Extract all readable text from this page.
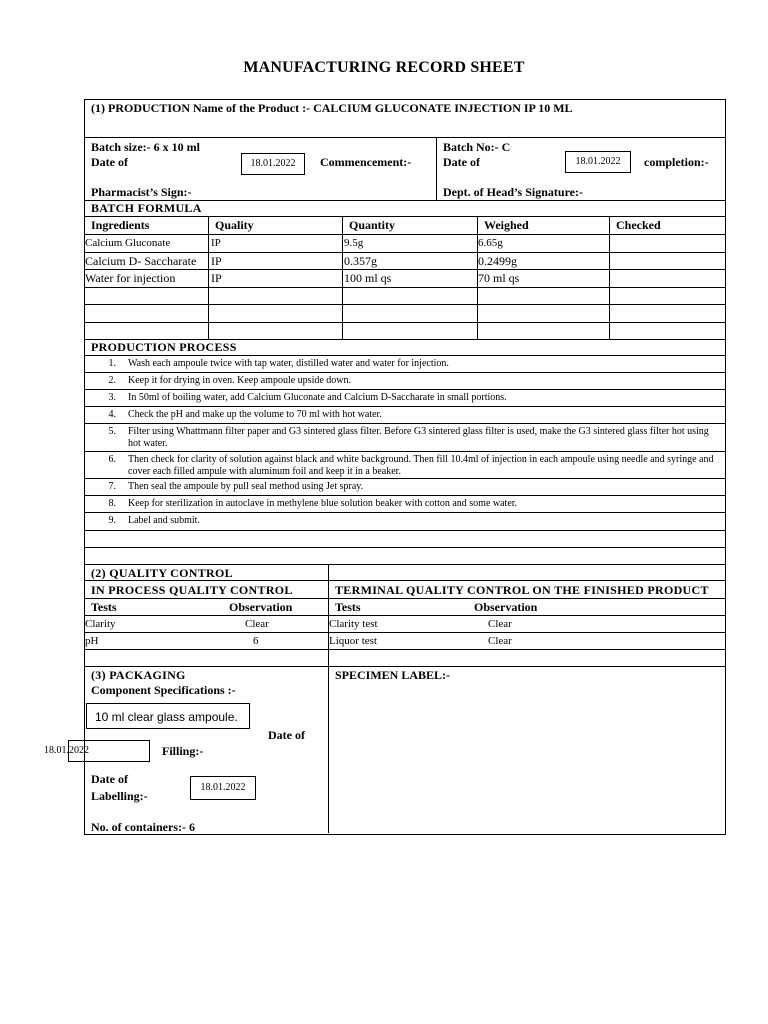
MANUFACTURING RECORD SHEET
(1) PRODUCTION Name of the Product :- CALCIUM GLUCONATE INJECTION IP 10 ML
Batch size:- 6 x 10 ml
Date of	18.01.2022	Commencement:-
Pharmacist’s Sign:-
Batch No:- C
Date of	18.01.2022	completion:-
Dept. of Head’s Signature:-
BATCH FORMULA
Ingredients	Quality	Quantity	Weighed	Checked
Calcium Gluconate	IP	9.5g	6.65g
Calcium D- Saccharate IP	0.357g	0.2499g
Water for injection	IP	100 ml qs	70 ml qs
PRODUCTION PROCESS
1. Wash each ampoule twice with tap water, distilled water and water for injection.
2. Keep it for drying in oven. Keep ampoule upside down.
3. In 50ml of boiling water, add Calcium Gluconate and Calcium D-Saccharate in small portions.
4. Check the pH and make up the volume to 70 ml with hot water.
5. Filter using Whattmann filter paper and G3 sintered glass filter. Before G3 sintered glass filter is used, make the G3 sintered glass filter hot using hot water.
6. Then check for clarity of solution against black and white background. Then fill 10.4ml of injection in each ampoule using needle and syringe and cover each filled ampule with aluminum foil and keep it in a beaker.
7. Then seal the ampoule by pull seal method using Jet spray.
8. Keep for sterilization in autoclave in methylene blue solution beaker with cotton and some water.
9. Label and submit.
(2) QUALITY CONTROL
IN PROCESS QUALITY CONTROL	TERMINAL QUALITY CONTROL ON THE FINISHED PRODUCT
Tests	Observation	Tests	Observation
Clarity	Clear	Clarity test	Clear
pH	6	Liquor test	Clear
(3) PACKAGING
Component Specifications :-
10 ml clear glass ampoule.
Date of
18.01.2022	Filling:-
Date of
Labelling:-
18.01.2022
No. of containers:- 6
SPECIMEN LABEL:-
